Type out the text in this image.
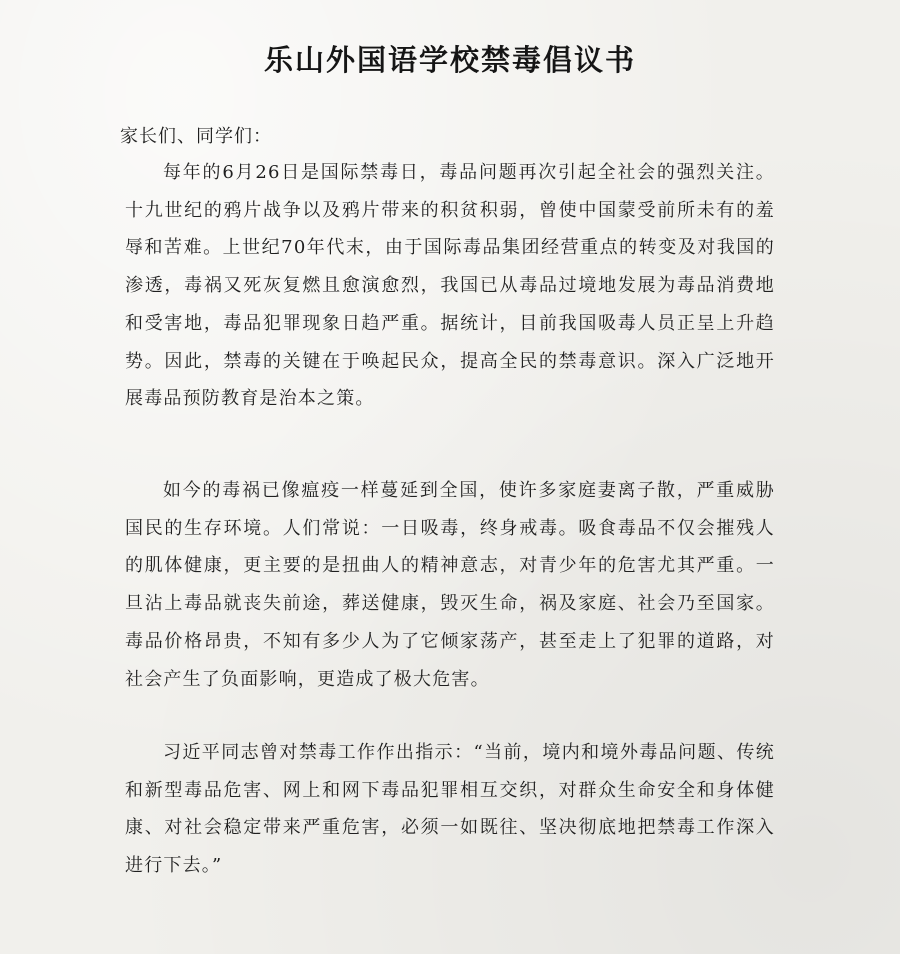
乐山外国语学校禁毒倡议书
家长们、同学们：

每年的6月26日是国际禁毒日，毒品问题再次引起全社会的强烈关注。十九世纪的鸦片战争以及鸦片带来的积贫积弱，曾使中国蒙受前所未有的羞辱和苦难。上世纪70年代末，由于国际毒品集团经营重点的转变及对我国的渗透，毒祸又死灰复燃且愈演愈烈，我国已从毒品过境地发展为毒品消费地和受害地，毒品犯罪现象日趋严重。据统计，目前我国吸毒人员正呈上升趋势。因此，禁毒的关键在于唤起民众，提高全民的禁毒意识。深入广泛地开展毒品预防教育是治本之策。

如今的毒祸已像瘟疫一样蔓延到全国，使许多家庭妻离子散，严重威胁国民的生存环境。人们常说：一日吸毒，终身戒毒。吸食毒品不仅会摧残人的肌体健康，更主要的是扭曲人的精神意志，对青少年的危害尤其严重。一旦沾上毒品就丧失前途，葬送健康，毁灭生命，祸及家庭、社会乃至国家。毒品价格昂贵，不知有多少人为了它倾家荡产，甚至走上了犯罪的道路，对社会产生了负面影响，更造成了极大危害。

习近平同志曾对禁毒工作作出指示：“当前，境内和境外毒品问题、传统和新型毒品危害、网上和网下毒品犯罪相互交织，对群众生命安全和身体健康、对社会稳定带来严重危害，必须一如既往、坚决彻底地把禁毒工作深入进行下去。”
